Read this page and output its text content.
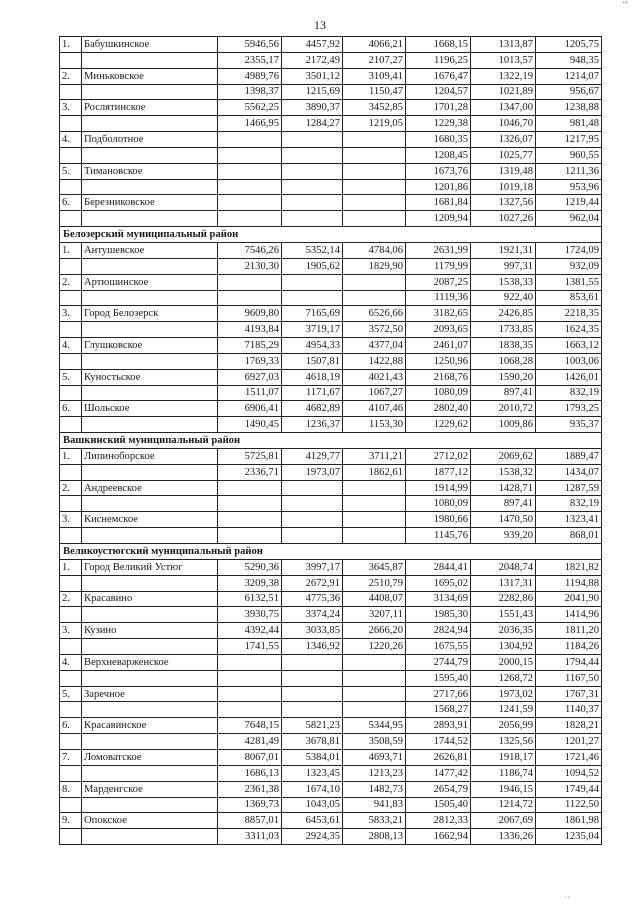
′′′
13
1.	Бабушкинское	5946,56	4457,92	4066,21	1668,15	1313,87	1205,75
		2355,17	2172,49	2107,27	1196,25	1013,57	948,35
2.	Миньковское	4989,76	3501,12	3109,41	1676,47	1322,19	1214,07
		1398,37	1215,69	1150,47	1204,57	1021,89	956,67
3.	Рослятинское	5562,25	3890,37	3452,85	1701,28	1347,00	1238,88
		1466,95	1284,27	1219,05	1229,38	1046,70	981,48
4.	Подболотное				1680,35	1326,07	1217,95
					1208,45	1025,77	960,55
5.	Тимановское				1673,76	1319,48	1211,36
					1201,86	1019,18	953,96
6.	Березниковское				1681,84	1327,56	1219,44
					1209,94	1027,26	962,04
Белозерский муниципальный район							
1.	Антушевское	7546,26	5352,14	4784,06	2631,99	1921,31	1724,09
		2130,30	1905,62	1829,90	1179,99	997,31	932,09
2.	Артюшинское				2087,25	1538,33	1381,55
					1119,36	922,40	853,61
3.	Город Белозерск	9609,80	7165,69	6526,66	3182,65	2426,85	2218,35
		4193,84	3719,17	3572,50	2093,65	1733,85	1624,35
4.	Глушковское	7185,29	4954,33	4377,04	2461,07	1838,35	1663,12
		1769,33	1507,81	1422,88	1250,96	1068,28	1003,06
5.	Куностьское	6927,03	4618,19	4021,43	2168,76	1590,20	1426,01
		1511,07	1171,67	1067,27	1080,09	897,41	832,19
6.	Шольское	6906,41	4682,89	4107,46	2802,40	2010,72	1793,25
		1490,45	1236,37	1153,30	1229,62	1009,86	935,37
Вашкинский муниципальный район							
1.	Липиноборское	5725,81	4129,77	3711,21	2712,02	2069,62	1889,47
		2336,71	1973,07	1862,61	1877,12	1538,32	1434,07
2.	Андреевское				1914,99	1428,71	1287,59
					1080,09	897,41	832,19
3.	Киснемское				1980,66	1470,50	1323,41
					1145,76	939,20	868,01
Великоустюгский муниципальный район							
1.	Город Великий Устюг	5290,36	3997,17	3645,87	2844,41	2048,74	1821,82
		3209,38	2672,91	2510,79	1695,02	1317,31	1194,88
2.	Красавино	6132,51	4775,36	4408,07	3134,69	2282,86	2041,90
		3930,75	3374,24	3207,11	1985,30	1551,43	1414,96
3.	Кузино	4392,44	3033,85	2666,20	2824,94	2036,35	1811,20
		1741,55	1346,92	1220,26	1675,55	1304,92	1184,26
4.	Верхневарженское				2744,79	2000,15	1794,44
					1595,40	1268,72	1167,50
5.	Заречное				2717,66	1973,02	1767,31
					1568,27	1241,59	1140,37
6.	Красавинское	7648,15	5821,23	5344,95	2893,91	2056,99	1828,21
		4281,49	3678,81	3508,59	1744,52	1325,56	1201,27
7.	Ломоватское	8067,01	5384,01	4693,71	2626,81	1918,17	1721,46
		1686,13	1323,45	1213,23	1477,42	1186,74	1094,52
8.	Марденгское	2361,38	1674,10	1482,73	2654,79	1946,15	1749,44
		1369,73	1043,05	941,83	1505,40	1214,72	1122,50
9.	Опокское	8857,01	6453,61	5833,21	2812,33	2067,69	1861,98
		3311,03	2924,35	2808,13	1662,94	1336,26	1235,04
··
